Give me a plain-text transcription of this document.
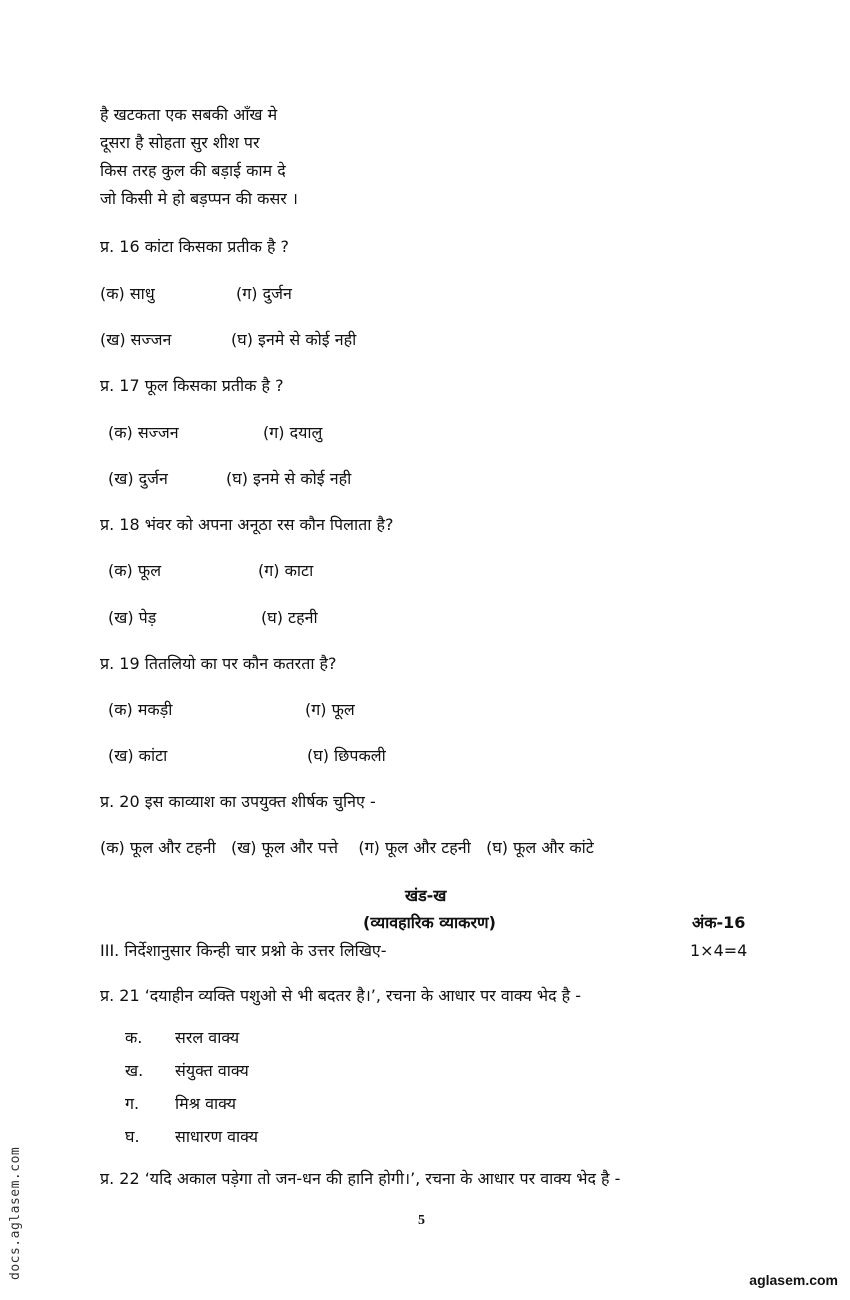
है खटकता एक सबकी आँख मे
दूसरा है सोहता सुर शीश पर
किस तरह कुल की बड़ाई काम दे
जो किसी मे हो बड़प्पन की कसर ।
प्र. 16 कांटा किसका प्रतीक है ?
(क) साधु	(ग) दुर्जन
(ख) सज्जन	(घ) इनमे से कोई नही
प्र. 17 फूल किसका प्रतीक है ?
(क) सज्जन	(ग) दयालु
(ख) दुर्जन	(घ) इनमे से कोई नही
प्र. 18 भंवर को अपना अनूठा रस कौन पिलाता है?
(क) फूल	(ग) काटा
(ख) पेड़	(घ) टहनी
प्र. 19 तितलियो का पर कौन कतरता है?
(क) मकड़ी	(ग) फूल
(ख) कांटा	(घ) छिपकली
प्र. 20 इस काव्याश का उपयुक्त शीर्षक चुनिए -
(क) फूल और टहनी   (ख) फूल और पत्ते    (ग) फूल और टहनी   (घ) फूल और कांटे
खंड-ख
(व्यावहारिक व्याकरण)	अंक-16
III. निर्देशानुसार किन्ही चार प्रश्नो के उत्तर लिखिए-	1×4=4
प्र. 21 ‘दयाहीन व्यक्ति पशुओ से भी बदतर है।’, रचना के आधार पर वाक्य भेद है -
क. सरल वाक्य
ख. संयुक्त वाक्य
ग. मिश्र वाक्य
घ. साधारण वाक्य
प्र. 22 ‘यदि अकाल पड़ेगा तो जन-धन की हानि होगी।’, रचना के आधार पर वाक्य भेद है -
5
docs.aglasem.com	aglasem.com
